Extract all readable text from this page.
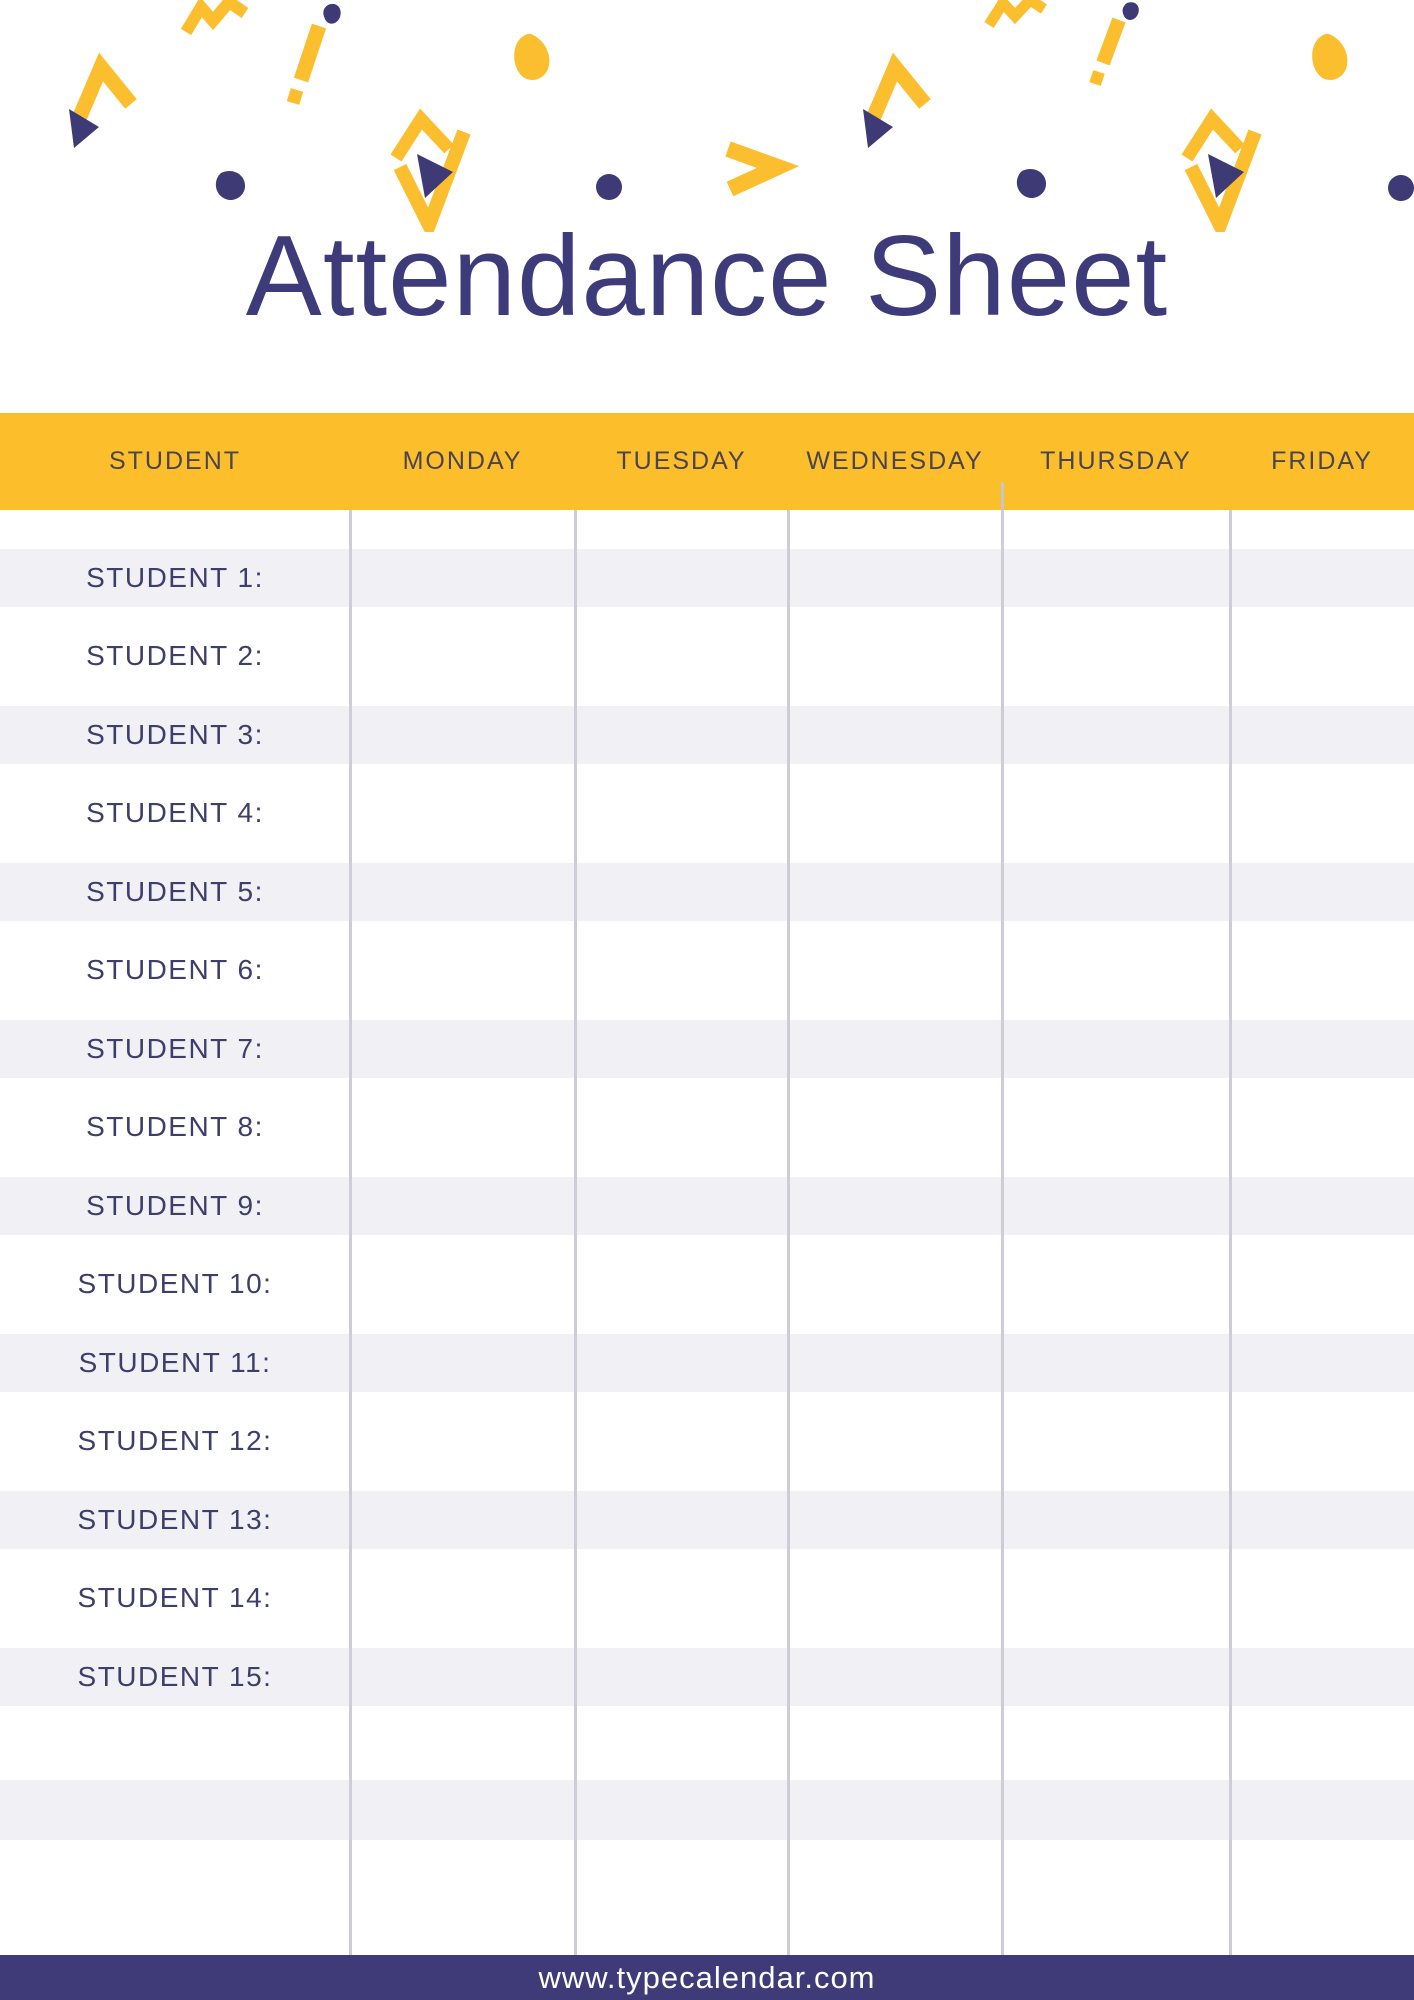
Attendance Sheet
STUDENT	MONDAY	TUESDAY	WEDNESDAY	THURSDAY	FRIDAY
STUDENT 1:
STUDENT 2:
STUDENT 3:
STUDENT 4:
STUDENT 5:
STUDENT 6:
STUDENT 7:
STUDENT 8:
STUDENT 9:
STUDENT 10:
STUDENT 11:
STUDENT 12:
STUDENT 13:
STUDENT 14:
STUDENT 15:
www.typecalendar.com
